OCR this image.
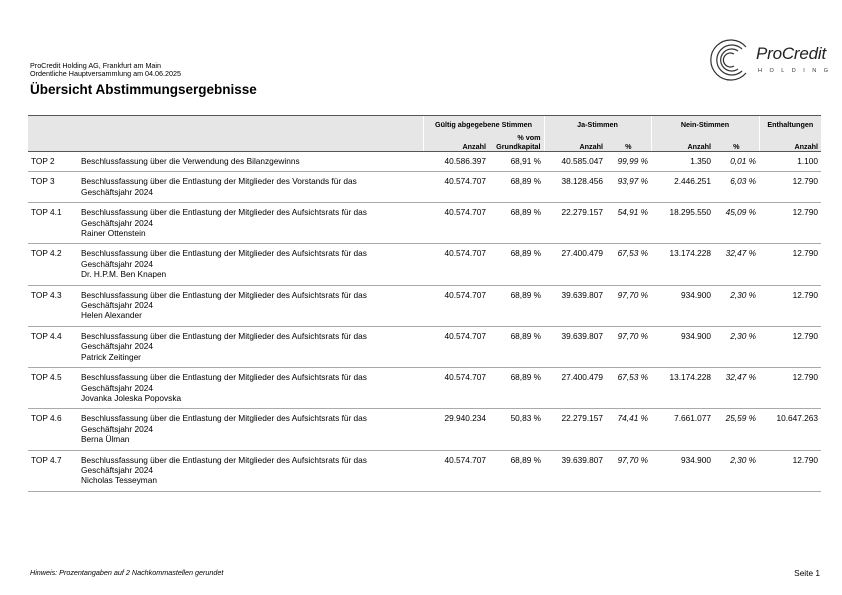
ProCredit Holding AG, Frankfurt am Main
Ordentliche Hauptversammlung am 04.06.2025
Übersicht Abstimmungsergebnisse
ProCredit
HOLDING
		Gültig abgegebene Stimmen		Ja-Stimmen		Nein-Stimmen		Enthaltungen
		Anzahl	% vom Grundkapital	Anzahl	%	Anzahl	%	Anzahl
TOP 2	Beschlussfassung über die Verwendung des Bilanzgewinns	40.586.397	68,91 %	40.585.047	99,99 %	1.350	0,01 %	1.100
TOP 3	Beschlussfassung über die Entlastung der Mitglieder des Vorstands für das
Geschäftsjahr 2024	40.574.707	68,89 %	38.128.456	93,97 %	2.446.251	6,03 %	12.790
TOP 4.1	Beschlussfassung über die Entlastung der Mitglieder des Aufsichtsrats für das
Geschäftsjahr 2024
Rainer Ottenstein	40.574.707	68,89 %	22.279.157	54,91 %	18.295.550	45,09 %	12.790
TOP 4.2	Beschlussfassung über die Entlastung der Mitglieder des Aufsichtsrats für das
Geschäftsjahr 2024
Dr. H.P.M. Ben Knapen	40.574.707	68,89 %	27.400.479	67,53 %	13.174.228	32,47 %	12.790
TOP 4.3	Beschlussfassung über die Entlastung der Mitglieder des Aufsichtsrats für das
Geschäftsjahr 2024
Helen Alexander	40.574.707	68,89 %	39.639.807	97,70 %	934.900	2,30 %	12.790
TOP 4.4	Beschlussfassung über die Entlastung der Mitglieder des Aufsichtsrats für das
Geschäftsjahr 2024
Patrick Zeitinger	40.574.707	68,89 %	39.639.807	97,70 %	934.900	2,30 %	12.790
TOP 4.5	Beschlussfassung über die Entlastung der Mitglieder des Aufsichtsrats für das
Geschäftsjahr 2024
Jovanka Joleska Popovska	40.574.707	68,89 %	27.400.479	67,53 %	13.174.228	32,47 %	12.790
TOP 4.6	Beschlussfassung über die Entlastung der Mitglieder des Aufsichtsrats für das
Geschäftsjahr 2024
Berna Ülman	29.940.234	50,83 %	22.279.157	74,41 %	7.661.077	25,59 %	10.647.263
TOP 4.7	Beschlussfassung über die Entlastung der Mitglieder des Aufsichtsrats für das
Geschäftsjahr 2024
Nicholas Tesseyman	40.574.707	68,89 %	39.639.807	97,70 %	934.900	2,30 %	12.790
Hinweis: Prozentangaben auf 2 Nachkommastellen gerundet	Seite 1
